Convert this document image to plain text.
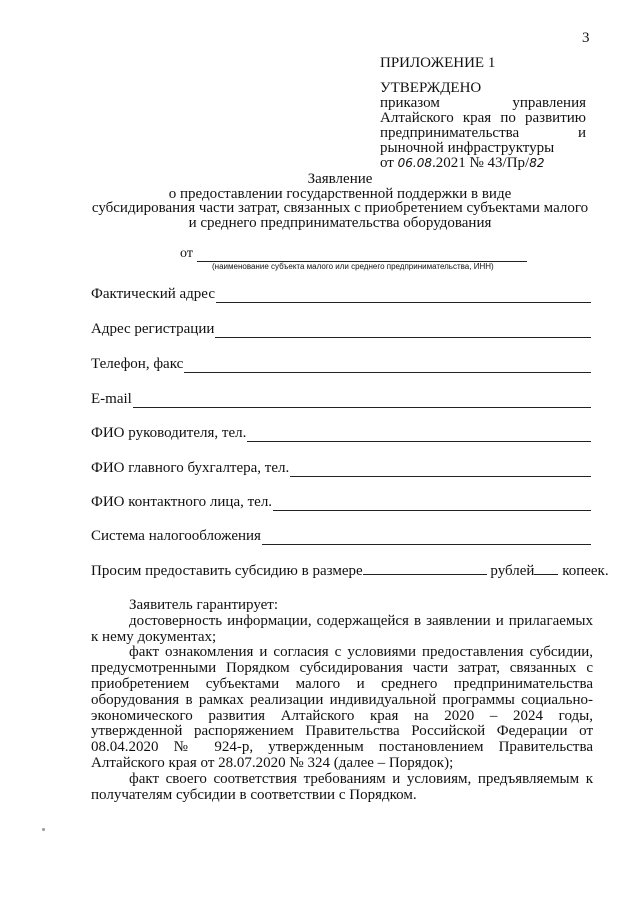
3
ПРИЛОЖЕНИЕ 1
УТВЕРЖДЕНО
приказом управления Алтайского края по развитию предпринимательства и рыночной инфраструктуры
от 06.08.2021 № 43/Пр/82
Заявление
о предоставлении государственной поддержки в виде
субсидирования части затрат, связанных с приобретением субъектами малого
и среднего предпринимательства оборудования
от
(наименование субъекта малого или среднего предпринимательства, ИНН)
Фактический адрес
Адрес регистрации
Телефон, факс
E-mail
ФИО руководителя, тел.
ФИО главного бухгалтера, тел.
ФИО контактного лица, тел.
Система налогообложения
Просим предоставить субсидию в размере	рублей копеек.

Заявитель гарантирует:

достоверность информации, содержащейся в заявлении и прилагаемых к нему документах;

факт ознакомления и согласия с условиями предоставления субсидии, предусмотренными Порядком субсидирования части затрат, связанных с приобретением субъектами малого и среднего предпринимательства оборудования в рамках реализации индивидуальной программы социально-экономического развития Алтайского края на 2020 – 2024 годы, утвержденной распоряжением Правительства Российской Федерации от 08.04.2020 № 924-р, утвержденным постановлением Правительства Алтайского края от 28.07.2020 № 324 (далее – Порядок);

факт своего соответствия требованиям и условиям, предъявляемым к получателям субсидии в соответствии с Порядком.
